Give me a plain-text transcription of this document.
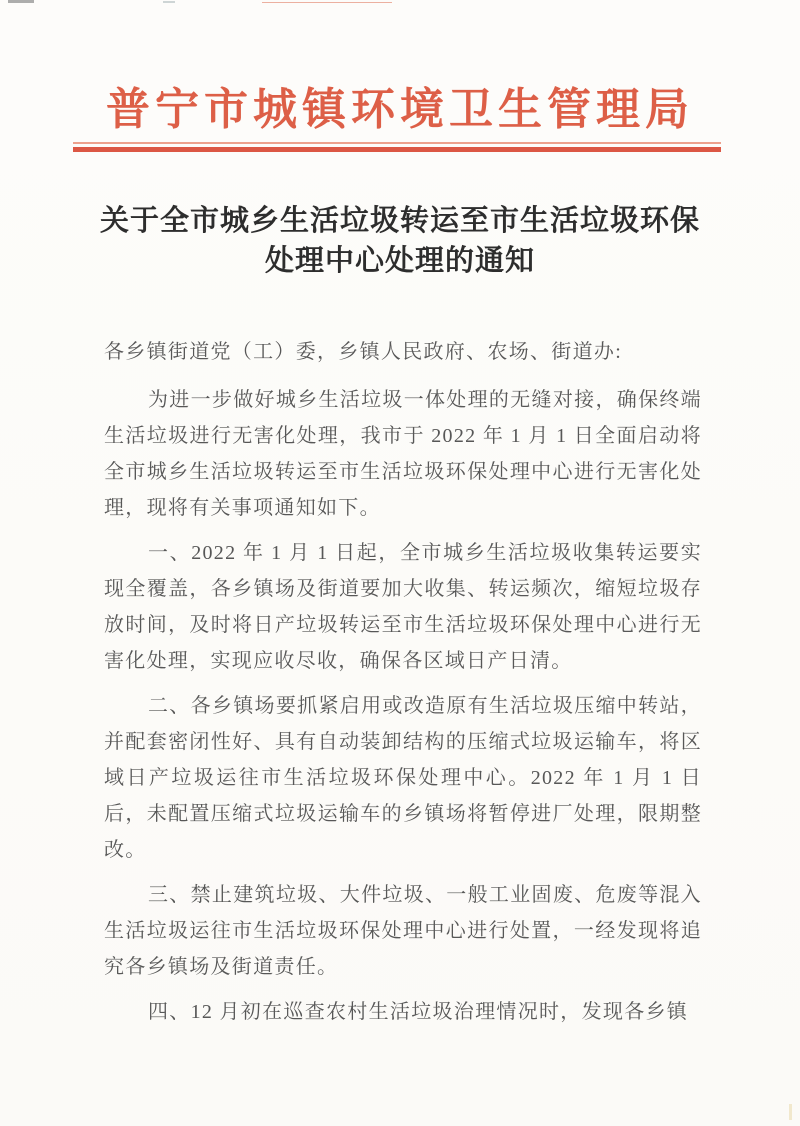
普宁市城镇环境卫生管理局
关于全市城乡生活垃圾转运至市生活垃圾环保
处理中心处理的通知

各乡镇街道党（工）委，乡镇人民政府、农场、街道办:

为进一步做好城乡生活垃圾一体处理的无缝对接，确保终端生活垃圾进行无害化处理，我市于 2022 年 1 月 1 日全面启动将全市城乡生活垃圾转运至市生活垃圾环保处理中心进行无害化处理，现将有关事项通知如下。

一、2022 年 1 月 1 日起，全市城乡生活垃圾收集转运要实现全覆盖，各乡镇场及街道要加大收集、转运频次，缩短垃圾存放时间，及时将日产垃圾转运至市生活垃圾环保处理中心进行无害化处理，实现应收尽收，确保各区域日产日清。

二、各乡镇场要抓紧启用或改造原有生活垃圾压缩中转站，并配套密闭性好、具有自动装卸结构的压缩式垃圾运输车，将区域日产垃圾运往市生活垃圾环保处理中心。2022 年 1 月 1 日后，未配置压缩式垃圾运输车的乡镇场将暂停进厂处理，限期整改。

三、禁止建筑垃圾、大件垃圾、一般工业固废、危废等混入生活垃圾运往市生活垃圾环保处理中心进行处置，一经发现将追究各乡镇场及街道责任。

四、12 月初在巡查农村生活垃圾治理情况时，发现各乡镇
